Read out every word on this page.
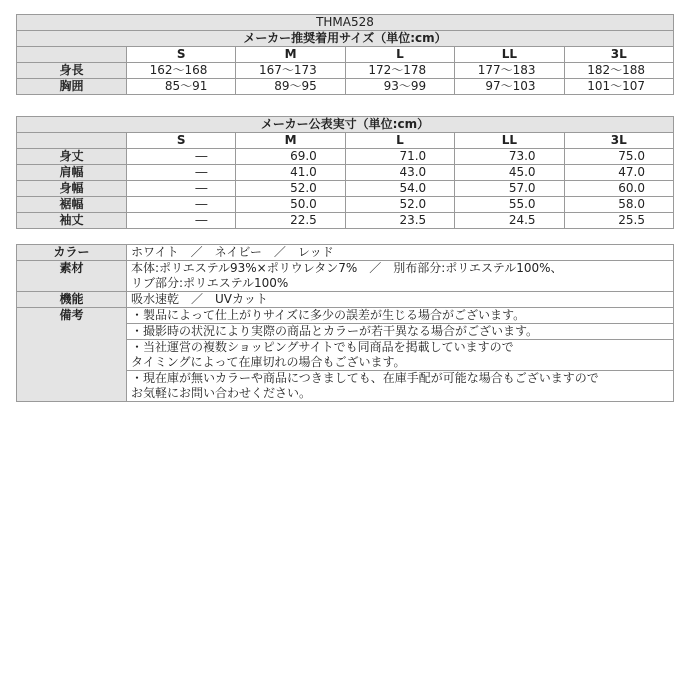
THMA528					
メーカー推奨着用サイズ（単位:cm）					
	S	M	L	LL	3L
身長	162～168	167～173	172～178	177～183	182～188
胸囲	85～91	89～95	93～99	97～103	101～107
メーカー公表実寸（単位:cm）					
	S	M	L	LL	3L
身丈	―	69.0	71.0	73.0	75.0
肩幅	―	41.0	43.0	45.0	47.0
身幅	―	52.0	54.0	57.0	60.0
裾幅	―	50.0	52.0	55.0	58.0
袖丈	―	22.5	23.5	24.5	25.5
カラー	ホワイト　／　ネイビー　／　レッド
素材	本体:ポリエステル93%×ポリウレタン7%　／　別布部分:ポリエステル100%、
リブ部分:ポリエステル100%

機能	吸水速乾　／　UVカット
備考	・製品によって仕上がりサイズに多少の誤差が生じる場合がございます。
	・撮影時の状況により実際の商品とカラーが若干異なる場合がございます。

	・当社運営の複数ショッピングサイトでも同商品を掲載していますので
タイミングによって在庫切れの場合もございます。

	・現在庫が無いカラーや商品につきましても、在庫手配が可能な場合もございますので
お気軽にお問い合わせください。
